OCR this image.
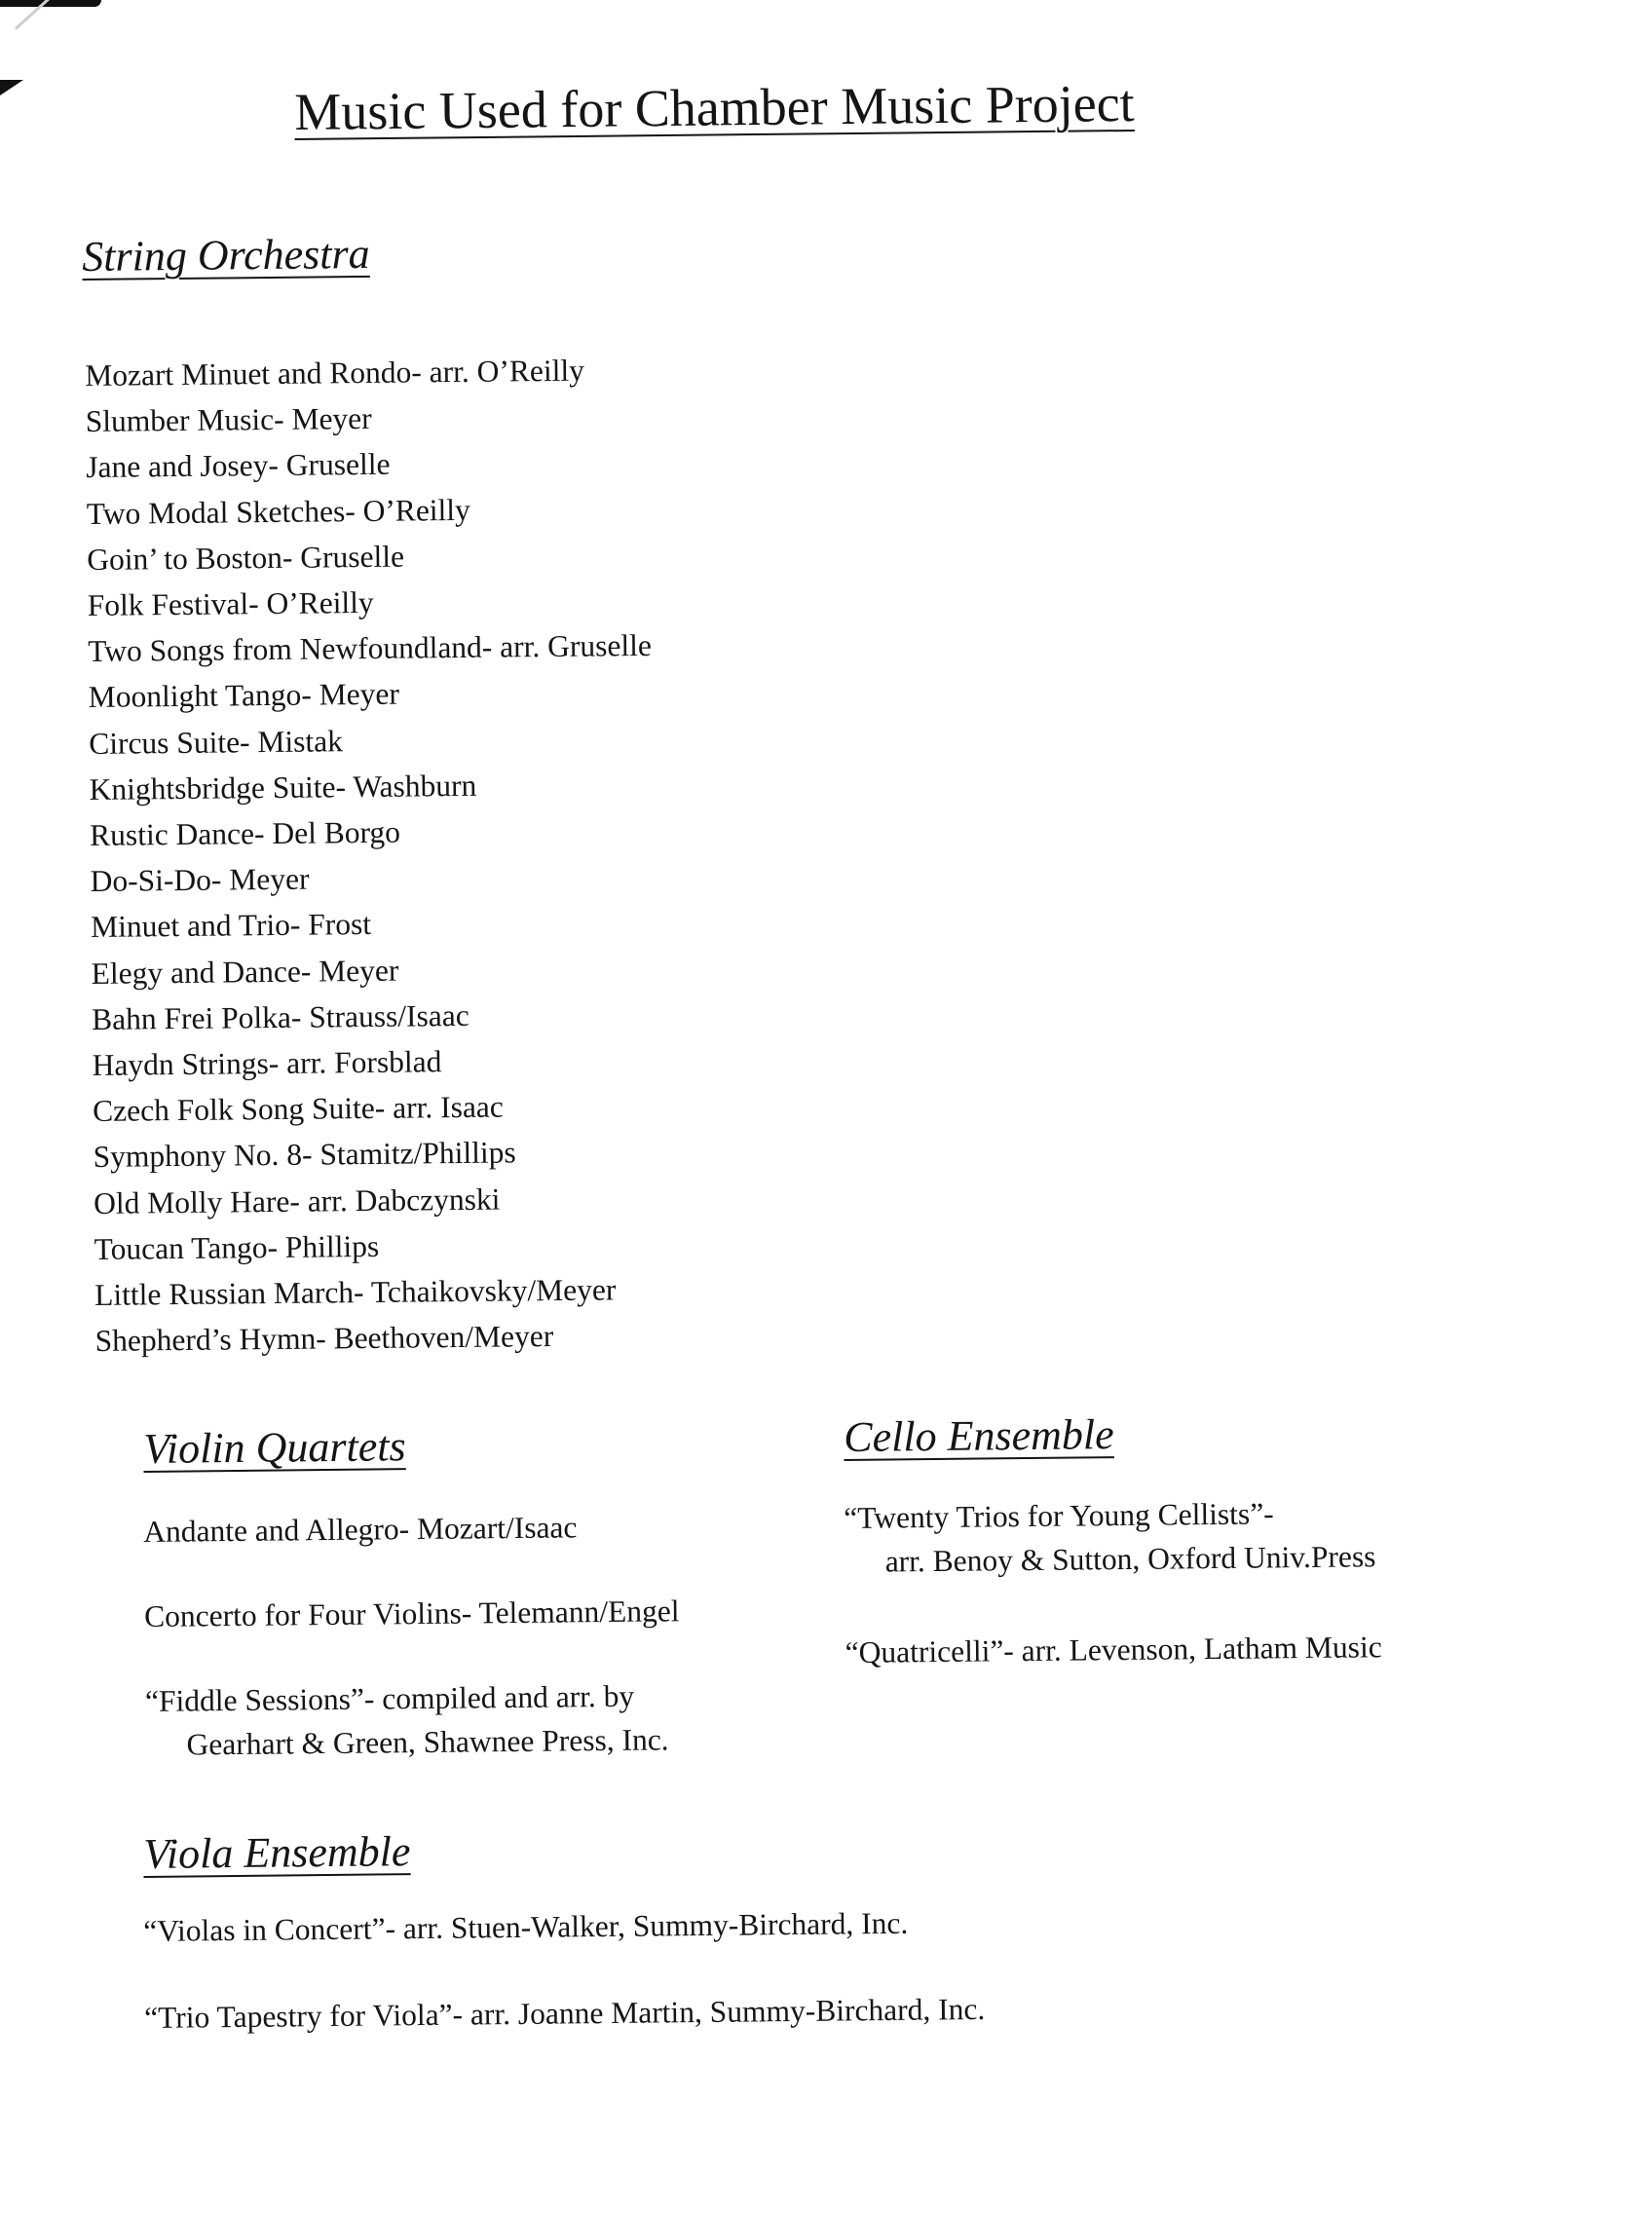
Music Used for Chamber Music Project
String Orchestra
Mozart Minuet and Rondo- arr. O’Reilly
Slumber Music- Meyer
Jane and Josey- Gruselle
Two Modal Sketches- O’Reilly
Goin’ to Boston- Gruselle
Folk Festival- O’Reilly
Two Songs from Newfoundland- arr. Gruselle
Moonlight Tango- Meyer
Circus Suite- Mistak
Knightsbridge Suite- Washburn
Rustic Dance- Del Borgo
Do-Si-Do- Meyer
Minuet and Trio- Frost
Elegy and Dance- Meyer
Bahn Frei Polka- Strauss/Isaac
Haydn Strings- arr. Forsblad
Czech Folk Song Suite- arr. Isaac
Symphony No. 8- Stamitz/Phillips
Old Molly Hare- arr. Dabczynski
Toucan Tango- Phillips
Little Russian March- Tchaikovsky/Meyer
Shepherd’s Hymn- Beethoven/Meyer
Violin Quartets
Andante and Allegro- Mozart/Isaac
Concerto for Four Violins- Telemann/Engel
“Fiddle Sessions”- compiled and arr. by
Gearhart & Green, Shawnee Press, Inc.
Cello Ensemble
“Twenty Trios for Young Cellists”-
arr. Benoy & Sutton, Oxford Univ.Press
“Quatricelli”- arr. Levenson, Latham Music
Viola Ensemble
“Violas in Concert”- arr. Stuen-Walker, Summy-Birchard, Inc.
“Trio Tapestry for Viola”- arr. Joanne Martin, Summy-Birchard, Inc.
